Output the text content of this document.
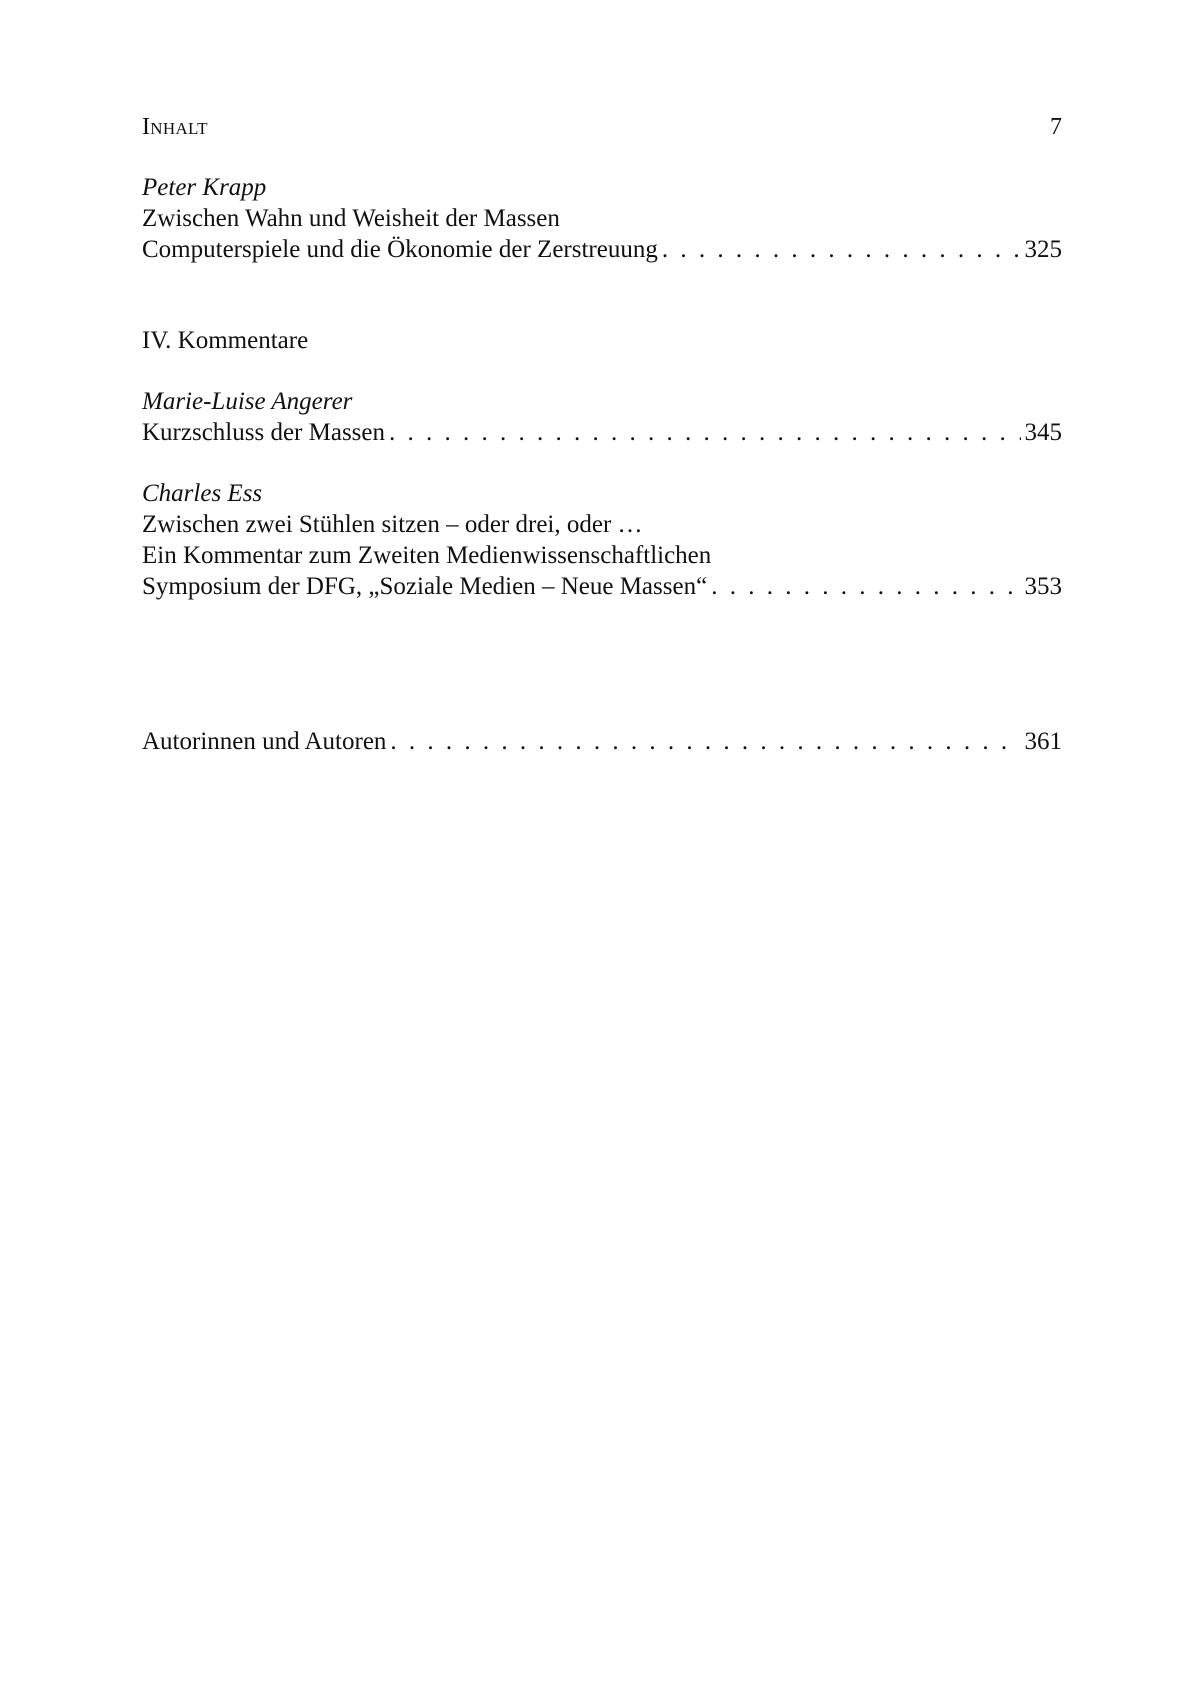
Inhalt	7
Peter Krapp
Zwischen Wahn und Weisheit der Massen
Computerspiele und die Ökonomie der Zerstreuung . . .	325
IV. Kommentare
Marie-Luise Angerer
Kurzschluss der Massen . . .	345
Charles Ess
Zwischen zwei Stühlen sitzen – oder drei, oder …
Ein Kommentar zum Zweiten Medienwissenschaftlichen
Symposium der DFG, „Soziale Medien – Neue Massen“ . . .	353
Autorinnen und Autoren . . .	361
